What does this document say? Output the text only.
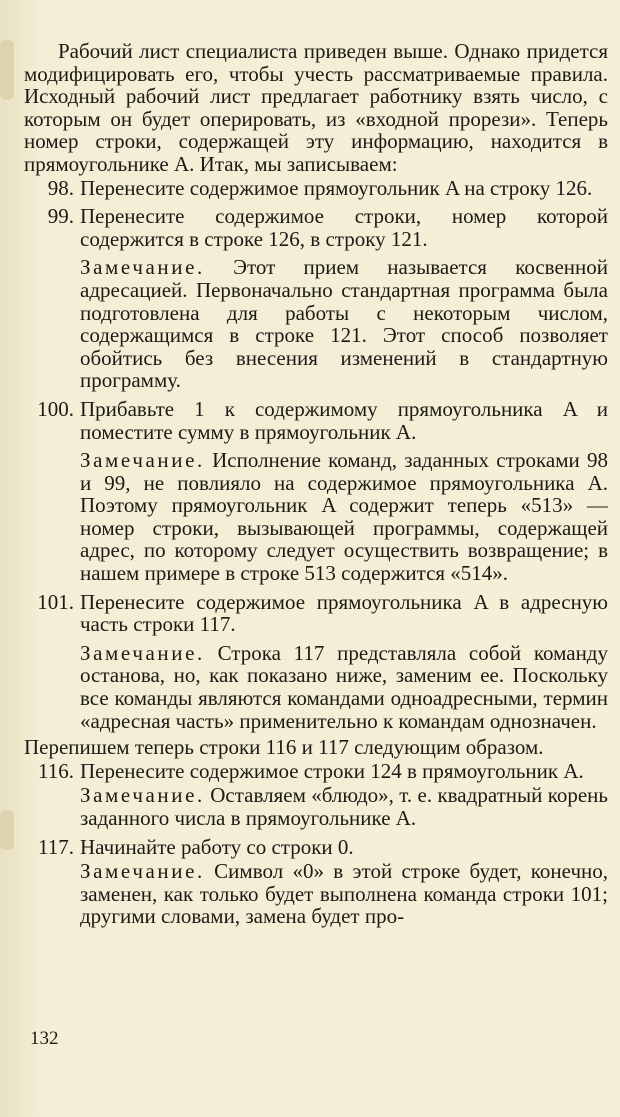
Рабочий лист специалиста приведен выше. Однако придется модифицировать его, чтобы учесть рассматриваемые правила. Исходный рабочий лист предлагает работнику взять число, с которым он будет оперировать, из «входной прорези». Теперь номер строки, содержащей эту информацию, находится в прямоугольнике A. Итак, мы записываем:

98. Перенесите содержимое прямоугольник A на строку 126.
99. Перенесите содержимое строки, номер которой содержится в строке 126, в строку 121.
Замечание. Этот прием называется косвенной адресацией. Первоначально стандартная программа была подготовлена для работы с некоторым числом, содержащимся в строке 121. Этот способ позволяет обойтись без внесения изменений в стандартную программу.
100. Прибавьте 1 к содержимому прямоугольника A и поместите сумму в прямоугольник A.
Замечание. Исполнение команд, заданных строками 98 и 99, не повлияло на содержимое прямоугольника A. Поэтому прямоугольник A содержит теперь «513» — номер строки, вызывающей программы, содержащей адрес, по которому следует осуществить возвращение; в нашем примере в строке 513 содержится «514».
101. Перенесите содержимое прямоугольника A в адресную часть строки 117.
Замечание. Строка 117 представляла собой команду останова, но, как показано ниже, заменим ее. Поскольку все команды являются командами одноадресными, термин «адресная часть» применительно к командам однозначен.

Перепишем теперь строки 116 и 117 следующим образом.

116. Перенесите содержимое строки 124 в прямоугольник A.
Замечание. Оставляем «блюдо», т. е. квадратный корень заданного числа в прямоугольнике A.
117. Начинайте работу со строки 0.
Замечание. Символ «0» в этой строке будет, конечно, заменен, как только будет выполнена команда строки 101; другими словами, замена будет про-
132
